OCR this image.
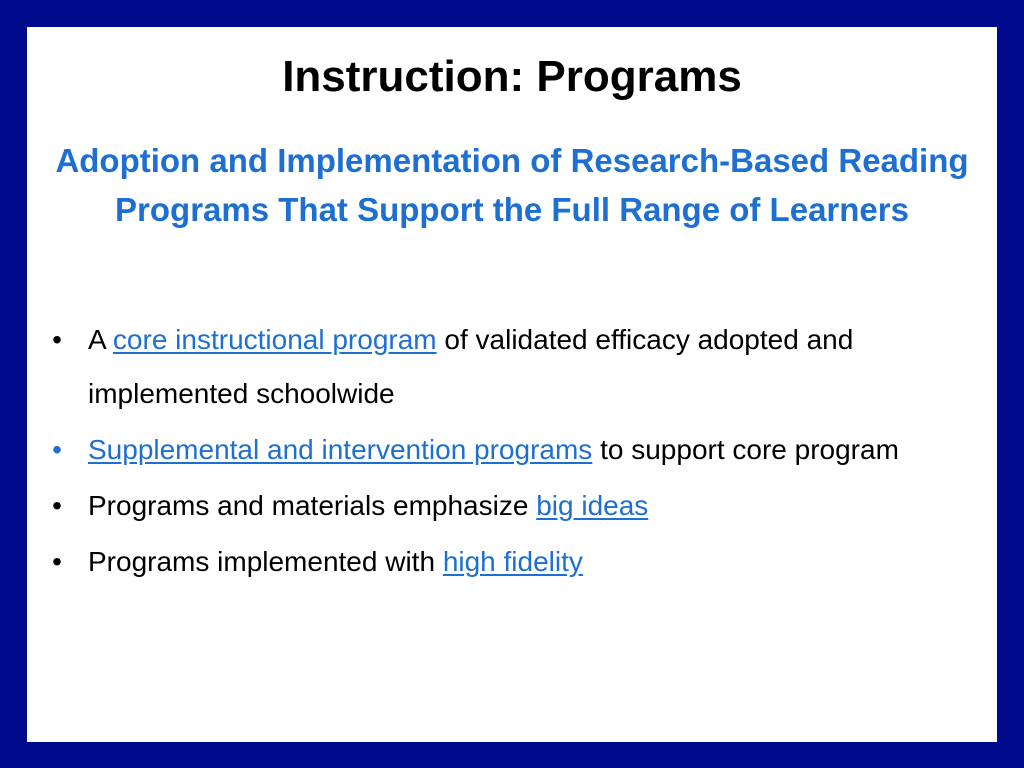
Instruction: Programs
Adoption and Implementation of Research-Based Reading Programs That Support the Full Range of Learners
• A core instructional program of validated efficacy adopted and implemented schoolwide
• Supplemental and intervention programs to support core program
• Programs and materials emphasize big ideas
• Programs implemented with high fidelity
